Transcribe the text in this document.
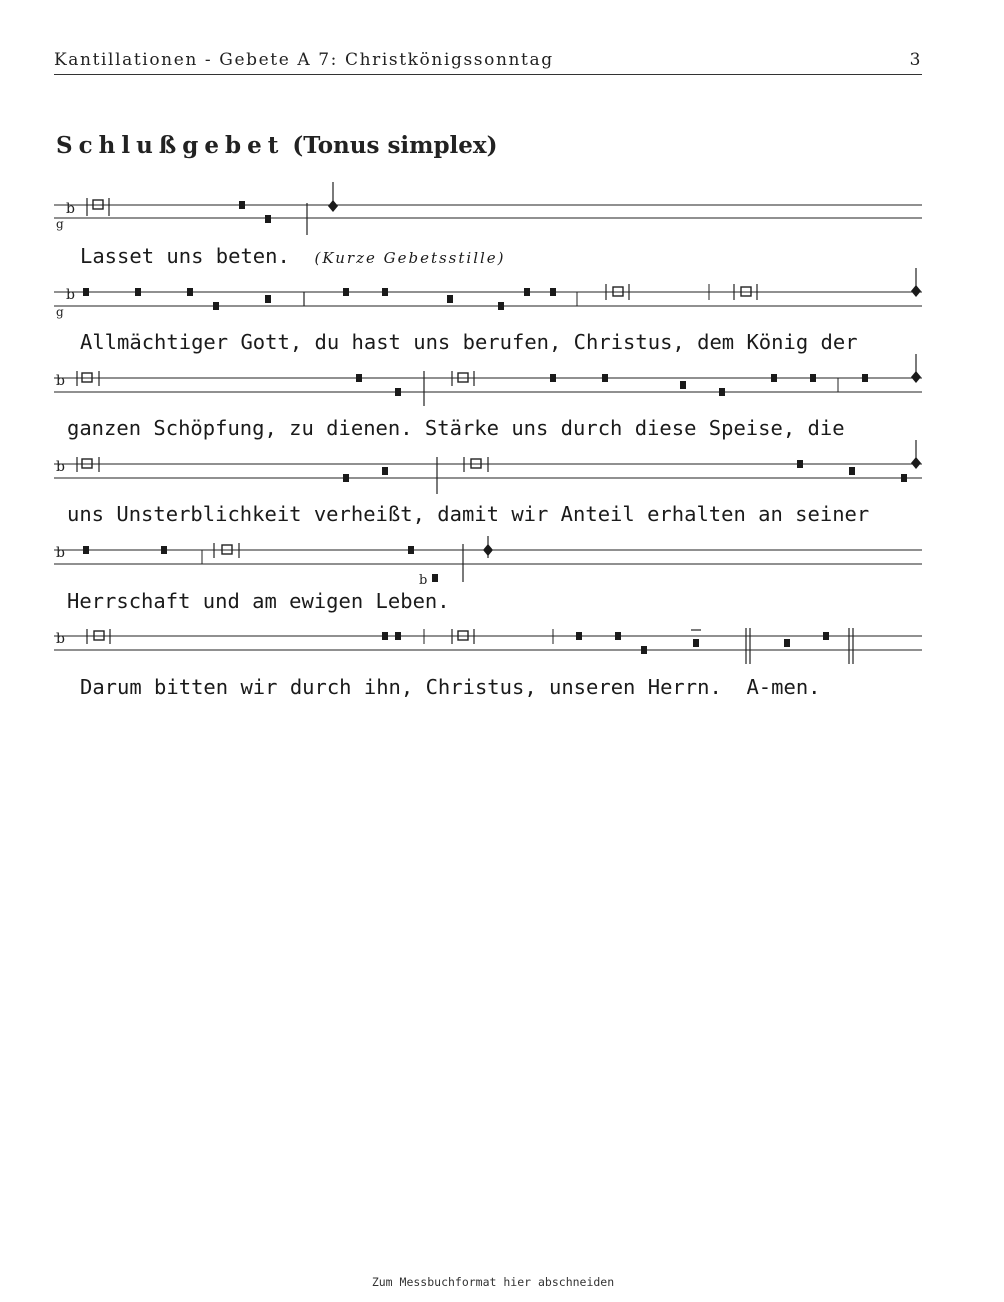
Kantillationen - Gebete A 7: Christkönigssonntag	3
Schlußgebet (Tonus simplex)
b
g
Lasset uns beten. (Kurze Gebetsstille)
b
g
Allmächtiger Gott, du hast uns berufen, Christus, dem König der
b
ganzen Schöpfung, zu dienen. Stärke uns durch diese Speise, die
b
uns Unsterblichkeit verheißt, damit wir Anteil erhalten an seiner
b
b
Herrschaft und am ewigen Leben.
b
Darum bitten wir durch ihn, Christus, unseren Herrn.  A-men.
Zum Messbuchformat hier abschneiden
